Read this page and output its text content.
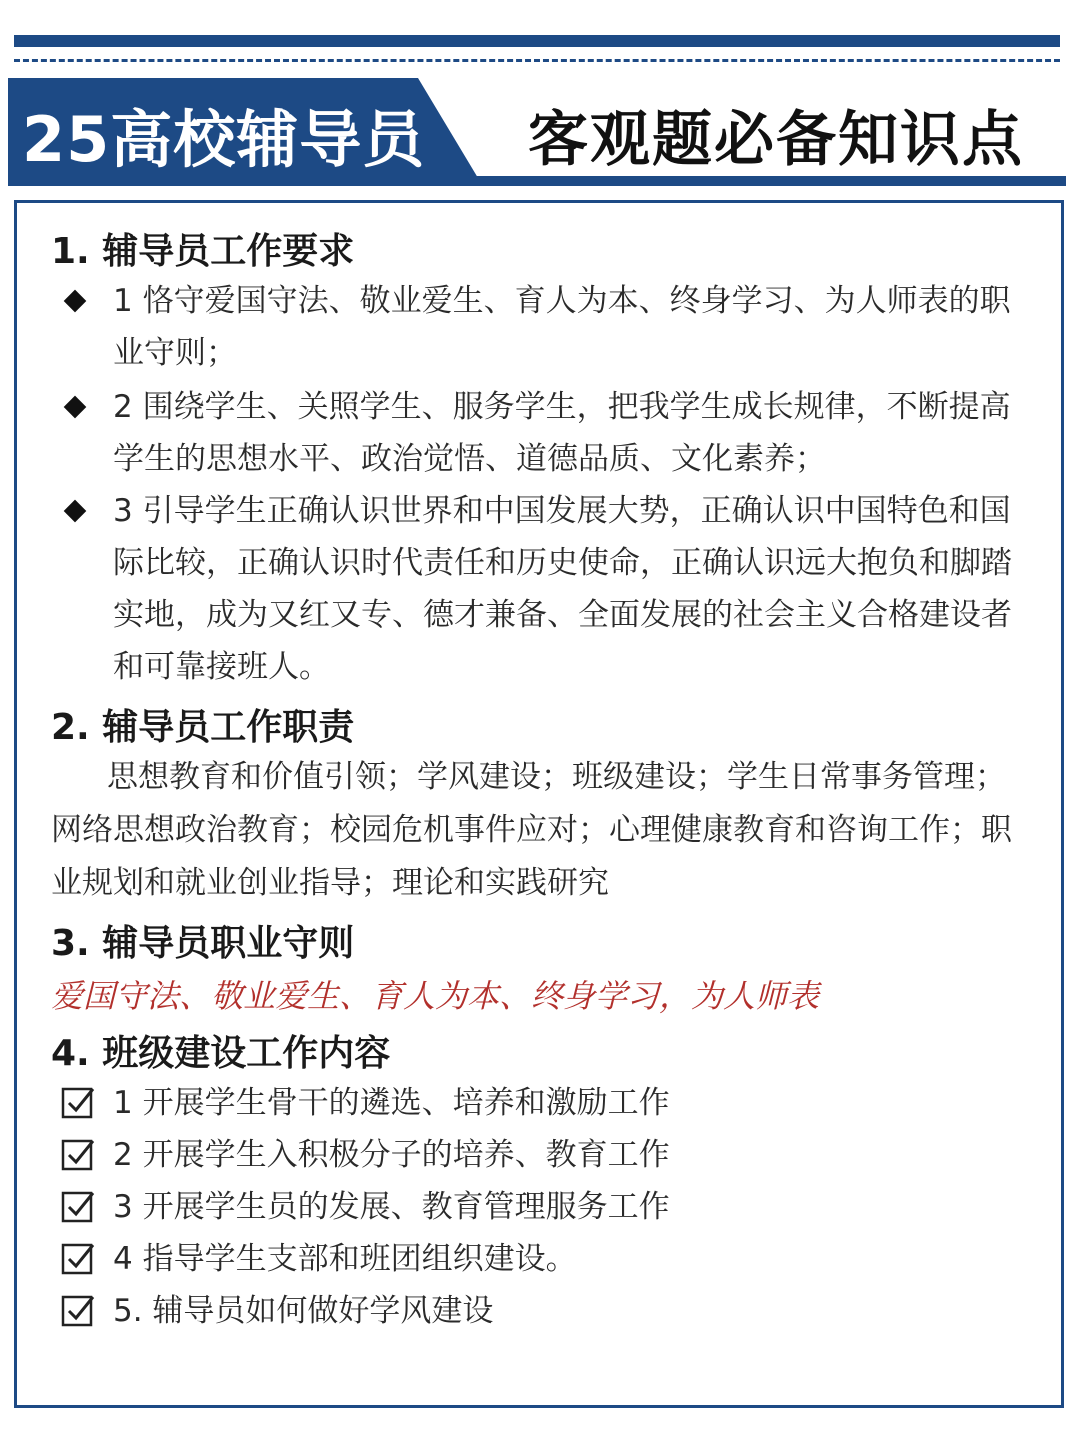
25高校辅导员 客观题必备知识点
1. 辅导员工作要求
1 恪守爱国守法、敬业爱生、育人为本、终身学习、为人师表的职业守则；
2 围绕学生、关照学生、服务学生，把我学生成长规律，不断提高学生的思想水平、政治觉悟、道德品质、文化素养；
3 引导学生正确认识世界和中国发展大势，正确认识中国特色和国际比较，正确认识时代责任和历史使命，正确认识远大抱负和脚踏实地，成为又红又专、德才兼备、全面发展的社会主义合格建设者和可靠接班人。
2. 辅导员工作职责
思想教育和价值引领；学风建设；班级建设；学生日常事务管理；网络思想政治教育；校园危机事件应对；心理健康教育和咨询工作；职业规划和就业创业指导；理论和实践研究
3. 辅导员职业守则
爱国守法、敬业爱生、育人为本、终身学习，为人师表
4. 班级建设工作内容
1 开展学生骨干的遴选、培养和激励工作
2 开展学生入积极分子的培养、教育工作
3 开展学生员的发展、教育管理服务工作
4 指导学生支部和班团组织建设。
5. 辅导员如何做好学风建设
